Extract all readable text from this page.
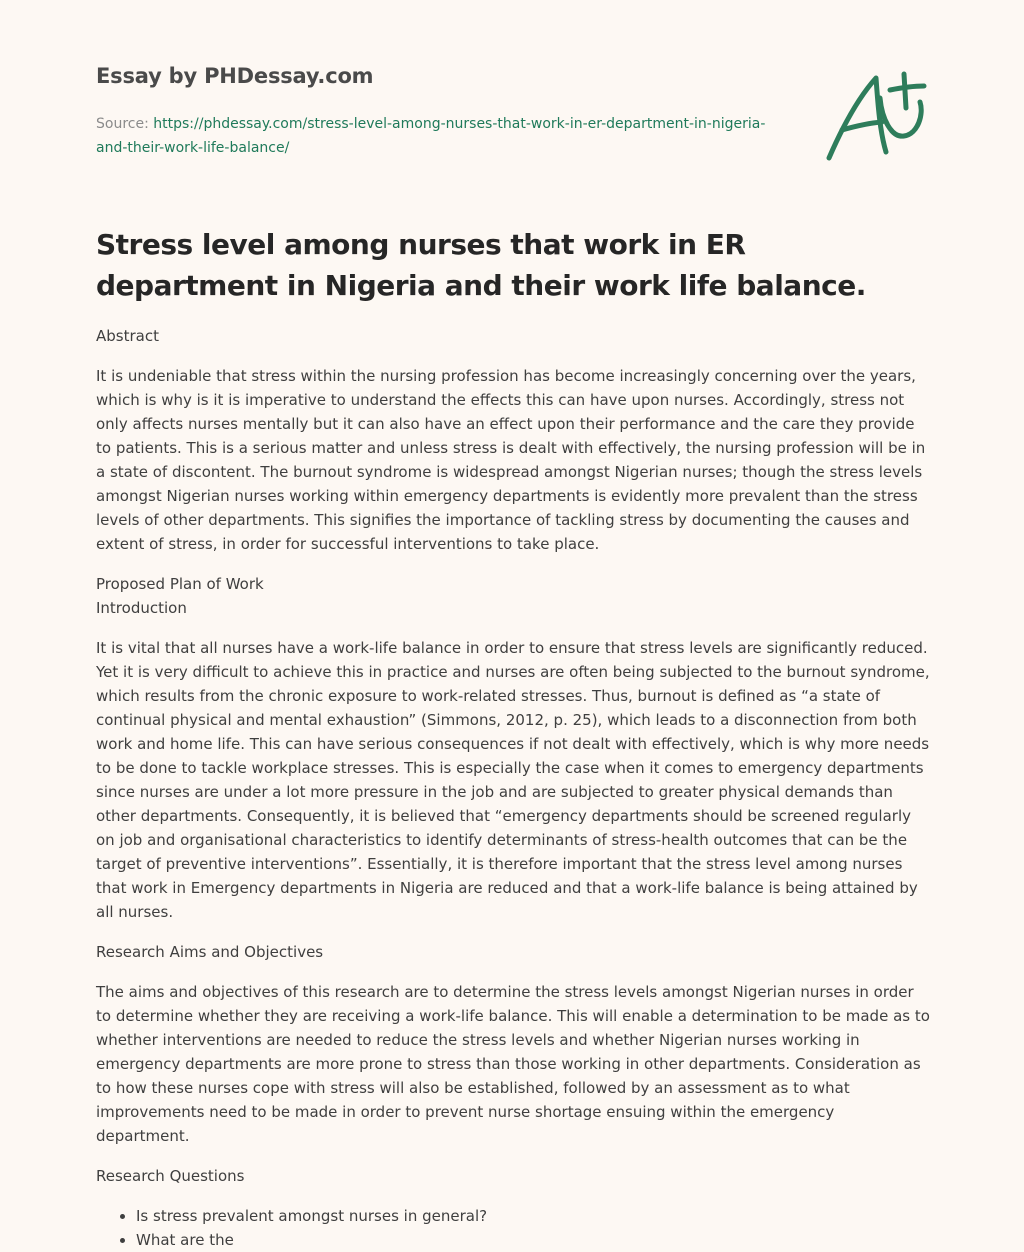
Essay by PHDessay.com
Source: https://phdessay.com/stress-level-among-nurses-that-work-in-er-department-in-nigeria-and-their-work-life-balance/
Stress level among nurses that work in ER department in Nigeria and their work life balance.

Abstract

It is undeniable that stress within the nursing profession has become increasingly concerning over the years, which is why is it is imperative to understand the effects this can have upon nurses. Accordingly, stress not only affects nurses mentally but it can also have an effect upon their performance and the care they provide to patients. This is a serious matter and unless stress is dealt with effectively, the nursing profession will be in a state of discontent. The burnout syndrome is widespread amongst Nigerian nurses; though the stress levels amongst Nigerian nurses working within emergency departments is evidently more prevalent than the stress levels of other departments. This signifies the importance of tackling stress by documenting the causes and extent of stress, in order for successful interventions to take place.

Proposed Plan of Work
Introduction

It is vital that all nurses have a work-life balance in order to ensure that stress levels are significantly reduced. Yet it is very difficult to achieve this in practice and nurses are often being subjected to the burnout syndrome, which results from the chronic exposure to work-related stresses. Thus, burnout is defined as “a state of continual physical and mental exhaustion” (Simmons, 2012, p. 25), which leads to a disconnection from both work and home life. This can have serious consequences if not dealt with effectively, which is why more needs to be done to tackle workplace stresses. This is especially the case when it comes to emergency departments since nurses are under a lot more pressure in the job and are subjected to greater physical demands than other departments. Consequently, it is believed that “emergency departments should be screened regularly on job and organisational characteristics to identify determinants of stress-health outcomes that can be the target of preventive interventions”. Essentially, it is therefore important that the stress level among nurses that work in Emergency departments in Nigeria are reduced and that a work-life balance is being attained by all nurses.

Research Aims and Objectives

The aims and objectives of this research are to determine the stress levels amongst Nigerian nurses in order to determine whether they are receiving a work-life balance. This will enable a determination to be made as to whether interventions are needed to reduce the stress levels and whether Nigerian nurses working in emergency departments are more prone to stress than those working in other departments. Consideration as to how these nurses cope with stress will also be established, followed by an assessment as to what improvements need to be made in order to prevent nurse shortage ensuing within the emergency department.

Research Questions

• Is stress prevalent amongst nurses in general?
• What are the
